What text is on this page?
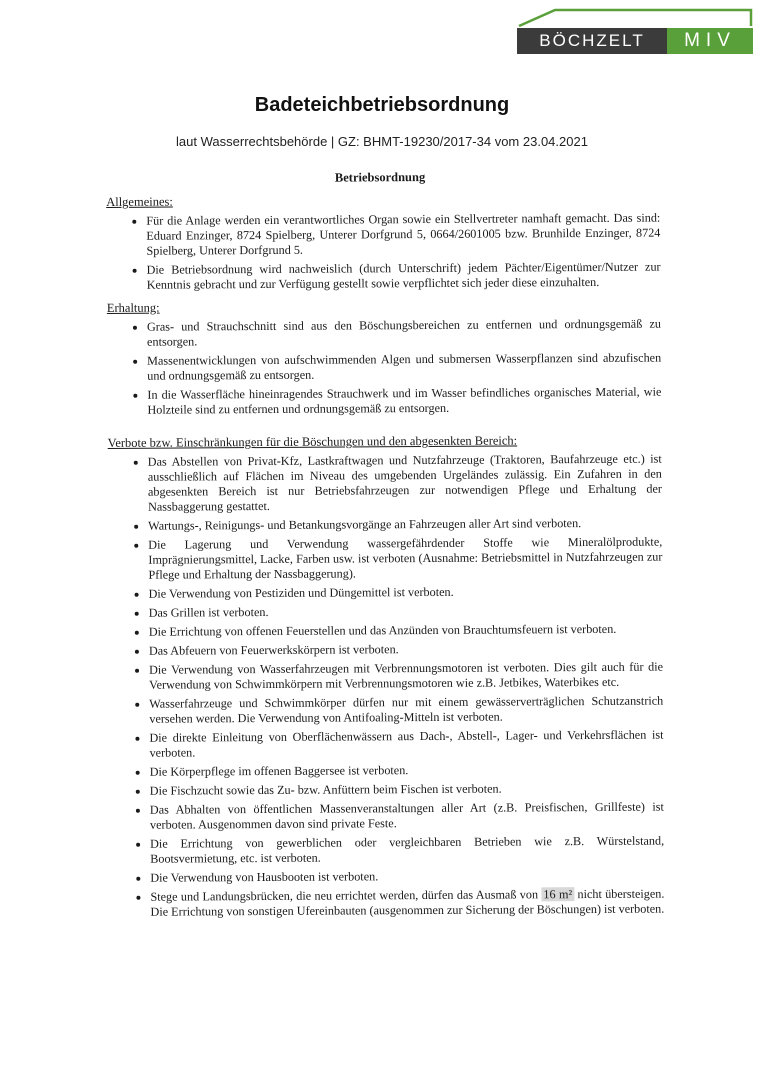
BÖCHZELT	MIV
Badeteichbetriebsordnung
laut Wasserrechtsbehörde | GZ: BHMT-19230/2017-34 vom 23.04.2021
Betriebsordnung
Allgemeines:
• Für die Anlage werden ein verantwortliches Organ sowie ein Stellvertreter namhaft gemacht. Das sind: Eduard Enzinger, 8724 Spielberg, Unterer Dorfgrund 5, 0664/2601005 bzw. Brunhilde Enzinger, 8724 Spielberg, Unterer Dorfgrund 5.
• Die Betriebsordnung wird nachweislich (durch Unterschrift) jedem Pächter/Eigentümer/Nutzer zur Kenntnis gebracht und zur Verfügung gestellt sowie verpflichtet sich jeder diese einzuhalten.
Erhaltung:
• Gras- und Strauchschnitt sind aus den Böschungsbereichen zu entfernen und ordnungsgemäß zu entsorgen.
• Massenentwicklungen von aufschwimmenden Algen und submersen Wasserpflanzen sind abzufischen und ordnungsgemäß zu entsorgen.
• In die Wasserfläche hineinragendes Strauchwerk und im Wasser befindliches organisches Material, wie Holzteile sind zu entfernen und ordnungsgemäß zu entsorgen.
Verbote bzw. Einschränkungen für die Böschungen und den abgesenkten Bereich:
• Das Abstellen von Privat-Kfz, Lastkraftwagen und Nutzfahrzeuge (Traktoren, Baufahrzeuge etc.) ist ausschließlich auf Flächen im Niveau des umgebenden Urgeländes zulässig. Ein Zufahren in den abgesenkten Bereich ist nur Betriebsfahrzeugen zur notwendigen Pflege und Erhaltung der Nassbaggerung gestattet.
• Wartungs-, Reinigungs- und Betankungsvorgänge an Fahrzeugen aller Art sind verboten.
• Die Lagerung und Verwendung wassergefährdender Stoffe wie Mineralölprodukte, Imprägnierungsmittel, Lacke, Farben usw. ist verboten (Ausnahme: Betriebsmittel in Nutzfahrzeugen zur Pflege und Erhaltung der Nassbaggerung).
• Die Verwendung von Pestiziden und Düngemittel ist verboten.
• Das Grillen ist verboten.
• Die Errichtung von offenen Feuerstellen und das Anzünden von Brauchtumsfeuern ist verboten.
• Das Abfeuern von Feuerwerkskörpern ist verboten.
• Die Verwendung von Wasserfahrzeugen mit Verbrennungsmotoren ist verboten. Dies gilt auch für die Verwendung von Schwimmkörpern mit Verbrennungsmotoren wie z.B. Jetbikes, Waterbikes etc.
• Wasserfahrzeuge und Schwimmkörper dürfen nur mit einem gewässerverträglichen Schutzanstrich versehen werden. Die Verwendung von Antifoaling-Mitteln ist verboten.
• Die direkte Einleitung von Oberflächenwässern aus Dach-, Abstell-, Lager- und Verkehrsflächen ist verboten.
• Die Körperpflege im offenen Baggersee ist verboten.
• Die Fischzucht sowie das Zu- bzw. Anfüttern beim Fischen ist verboten.
• Das Abhalten von öffentlichen Massenveranstaltungen aller Art (z.B. Preisfischen, Grillfeste) ist verboten. Ausgenommen davon sind private Feste.
• Die Errichtung von gewerblichen oder vergleichbaren Betrieben wie z.B. Würstelstand, Bootsvermietung, etc. ist verboten.
• Die Verwendung von Hausbooten ist verboten.
• Stege und Landungsbrücken, die neu errichtet werden, dürfen das Ausmaß von 16 m² nicht übersteigen. Die Errichtung von sonstigen Ufereinbauten (ausgenommen zur Sicherung der Böschungen) ist verboten.
